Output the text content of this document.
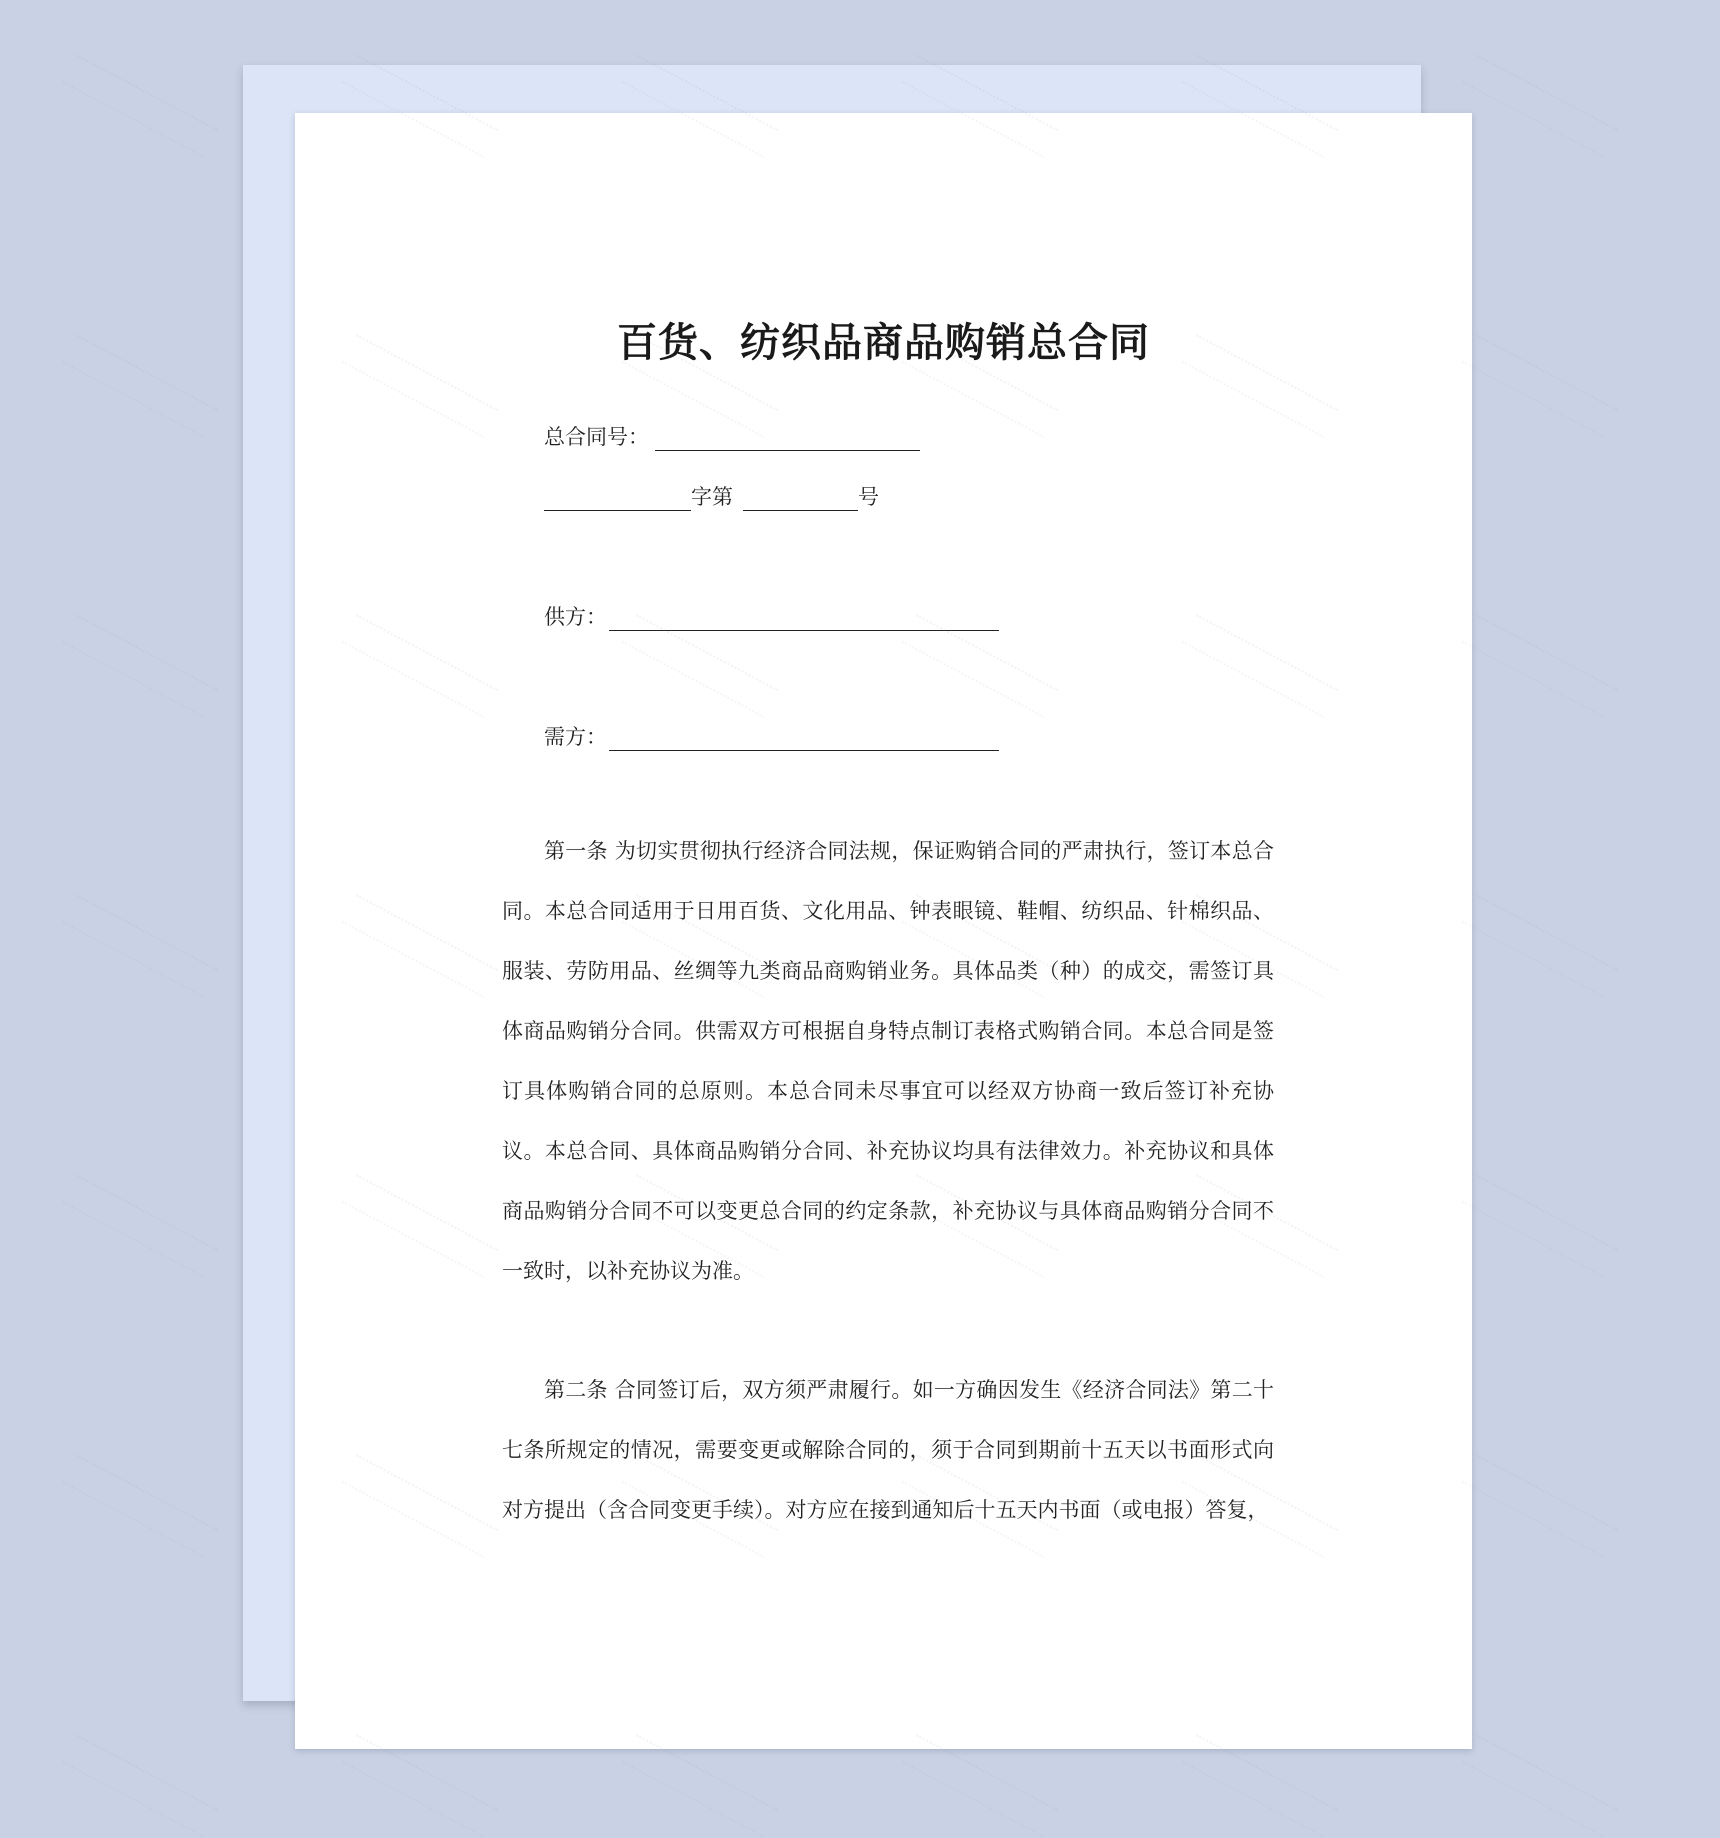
百货、纺织品商品购销总合同
总合同号：
字第	号
供方：
需方：

第一条 为切实贯彻执行经济合同法规，保证购销合同的严肃执行，签订本总合同。本总合同适用于日用百货、文化用品、钟表眼镜、鞋帽、纺织品、针棉织品、服装、劳防用品、丝绸等九类商品商购销业务。具体品类（种）的成交，需签订具体商品购销分合同。供需双方可根据自身特点制订表格式购销合同。本总合同是签订具体购销合同的总原则。本总合同未尽事宜可以经双方协商一致后签订补充协议。本总合同、具体商品购销分合同、补充协议均具有法律效力。补充协议和具体商品购销分合同不可以变更总合同的约定条款，补充协议与具体商品购销分合同不一致时，以补充协议为准。

第二条 合同签订后，双方须严肃履行。如一方确因发生《经济合同法》第二十七条所规定的情况，需要变更或解除合同的，须于合同到期前十五天以书面形式向对方提出（含合同变更手续）。对方应在接到通知后十五天内书面（或电报）答复，
